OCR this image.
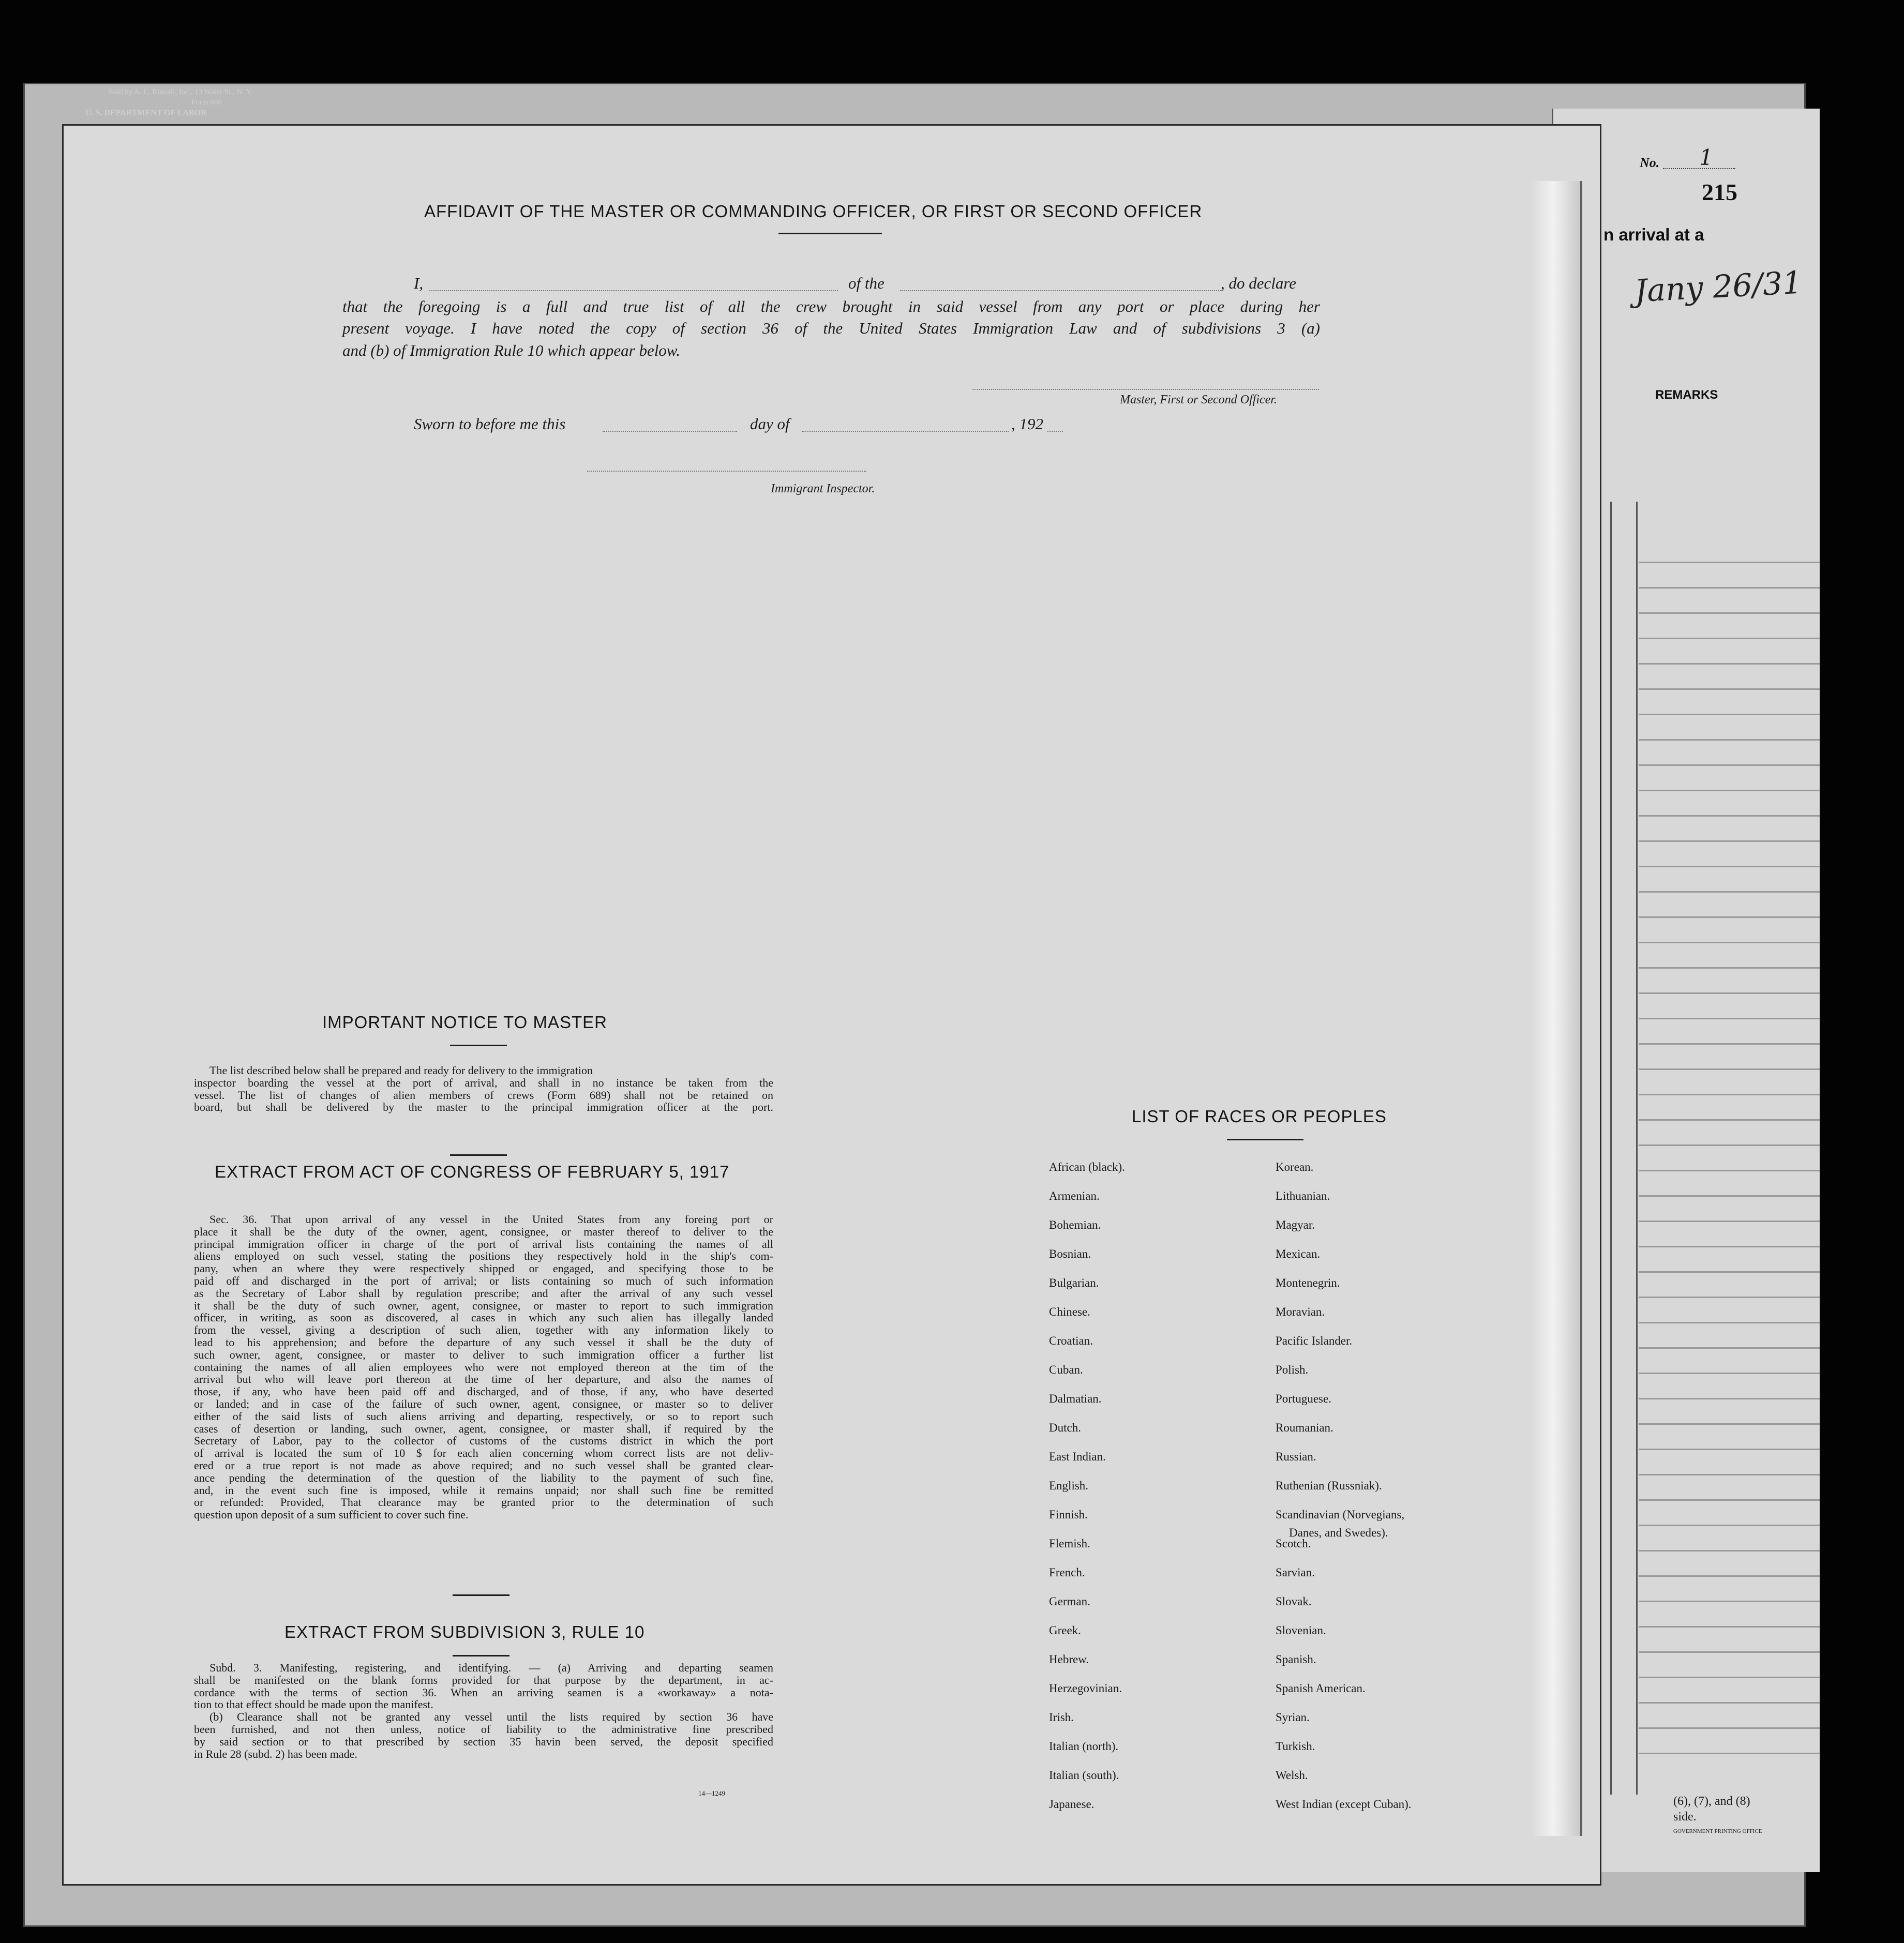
Sold by A. L. Russell, Inc., 13 Water St., N. Y.
Form 680
U. S. DEPARTMENT OF LABOR
No. 1
215
n arrival at a
Jany 26/31
REMARKS
(6), (7), and (8)
side.
GOVERNMENT PRINTING OFFICE
AFFIDAVIT OF THE MASTER OR COMMANDING OFFICER, OR FIRST OR SECOND OFFICER
I,	of the	, do declare
that the foregoing is a full and true list of all the crew brought in said vessel from any port or place during her
present voyage. I have noted the copy of section 36 of the United States Immigration Law and of subdivisions 3 (a)
and (b) of Immigration Rule 10 which appear below.
Master, First or Second Officer.
Sworn to before me this	day of	, 192
Immigrant Inspector.
IMPORTANT NOTICE TO MASTER
The list described below shall be prepared and ready for delivery to the immigration
inspector boarding the vessel at the port of arrival, and shall in no instance be taken from the
vessel. The list of changes of alien members of crews (Form 689) shall not be retained on
board, but shall be delivered by the master to the principal immigration officer at the port.
EXTRACT FROM ACT OF CONGRESS OF FEBRUARY 5, 1917
Sec. 36. That upon arrival of any vessel in the United States from any foreing port or
place it shall be the duty of the owner, agent, consignee, or master thereof to deliver to the
principal immigration officer in charge of the port of arrival lists containing the names of all
aliens employed on such vessel, stating the positions they respectively hold in the ship's com-
pany, when an where they were respectively shipped or engaged, and specifying those to be
paid off and discharged in the port of arrival; or lists containing so much of such information
as the Secretary of Labor shall by regulation prescribe; and after the arrival of any such vessel
it shall be the duty of such owner, agent, consignee, or master to report to such immigration
officer, in writing, as soon as discovered, al cases in which any such alien has illegally landed
from the vessel, giving a description of such alien, together with any information likely to
lead to his apprehension; and before the departure of any such vessel it shall be the duty of
such owner, agent, consignee, or master to deliver to such immigration officer a further list
containing the names of all alien employees who were not employed thereon at the tim of the
arrival but who will leave port thereon at the time of her departure, and also the names of
those, if any, who have been paid off and discharged, and of those, if any, who have deserted
or landed; and in case of the failure of such owner, agent, consignee, or master so to deliver
either of the said lists of such aliens arriving and departing, respectively, or so to report such
cases of desertion or landing, such owner, agent, consignee, or master shall, if required by the
Secretary of Labor, pay to the collector of customs of the customs district in which the port
of arrival is located the sum of 10 $ for each alien concerning whom correct lists are not deliv-
ered or a true report is not made as above required; and no such vessel shall be granted clear-
ance pending the determination of the question of the liability to the payment of such fine,
and, in the event such fine is imposed, while it remains unpaid; nor shall such fine be remitted
or refunded: Provided, That clearance may be granted prior to the determination of such
question upon deposit of a sum sufficient to cover such fine.
EXTRACT FROM SUBDIVISION 3, RULE 10
Subd. 3. Manifesting, registering, and identifying. — (a) Arriving and departing seamen
shall be manifested on the blank forms provided for that purpose by the department, in ac-
cordance with the terms of section 36. When an arriving seamen is a «workaway» a nota-
tion to that effect should be made upon the manifest.
(b) Clearance shall not be granted any vessel until the lists required by section 36 have
been furnished, and not then unless, notice of liability to the administrative fine prescribed
by said section or to that prescribed by section 35 havin been served, the deposit specified
in Rule 28 (subd. 2) has been made.
14—1249
LIST OF RACES OR PEOPLES
African (black).
Armenian.
Bohemian.
Bosnian.
Bulgarian.
Chinese.
Croatian.
Cuban.
Dalmatian.
Dutch.
East Indian.
English.
Finnish.
Flemish.
French.
German.
Greek.
Hebrew.
Herzegovinian.
Irish.
Italian (north).
Italian (south).
Japanese.
Korean.
Lithuanian.
Magyar.
Mexican.
Montenegrin.
Moravian.
Pacific Islander.
Polish.
Portuguese.
Roumanian.
Russian.
Ruthenian (Russniak).
Scandinavian (Norvegians,
Scotch.
Sarvian.
Slovak.
Slovenian.
Spanish.
Spanish American.
Syrian.
Turkish.
Welsh.
West Indian (except Cuban).
Danes, and Swedes).
